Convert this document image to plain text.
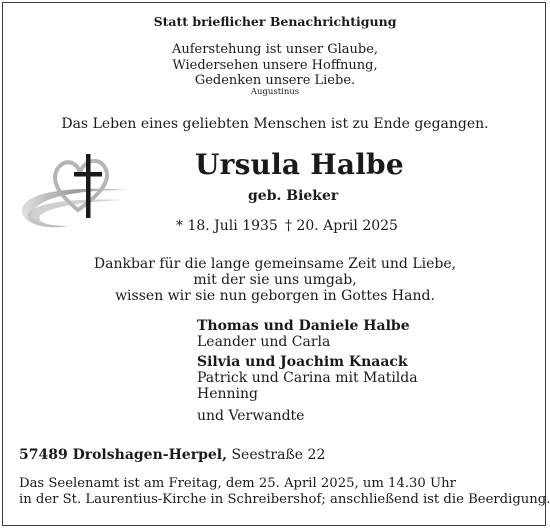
Statt brieflicher Benachrichtigung
Auferstehung ist unser Glaube,
Wiedersehen unsere Hoffnung,
Gedenken unsere Liebe.
Augustinus
Das Leben eines geliebten Menschen ist zu Ende gegangen.
Ursula Halbe
geb. Bieker
* 18. Juli 1935 † 20. April 2025
Dankbar für die lange gemeinsame Zeit und Liebe,
mit der sie uns umgab,
wissen wir sie nun geborgen in Gottes Hand.
Thomas und Daniele Halbe
Leander und Carla
Silvia und Joachim Knaack
Patrick und Carina mit Matilda
Henning
und Verwandte
57489 Drolshagen-Herpel, Seestraße 22
Das Seelenamt ist am Freitag, dem 25. April 2025, um 14.30 Uhr
in der St. Laurentius-Kirche in Schreibershof; anschließend ist die Beerdigung.
